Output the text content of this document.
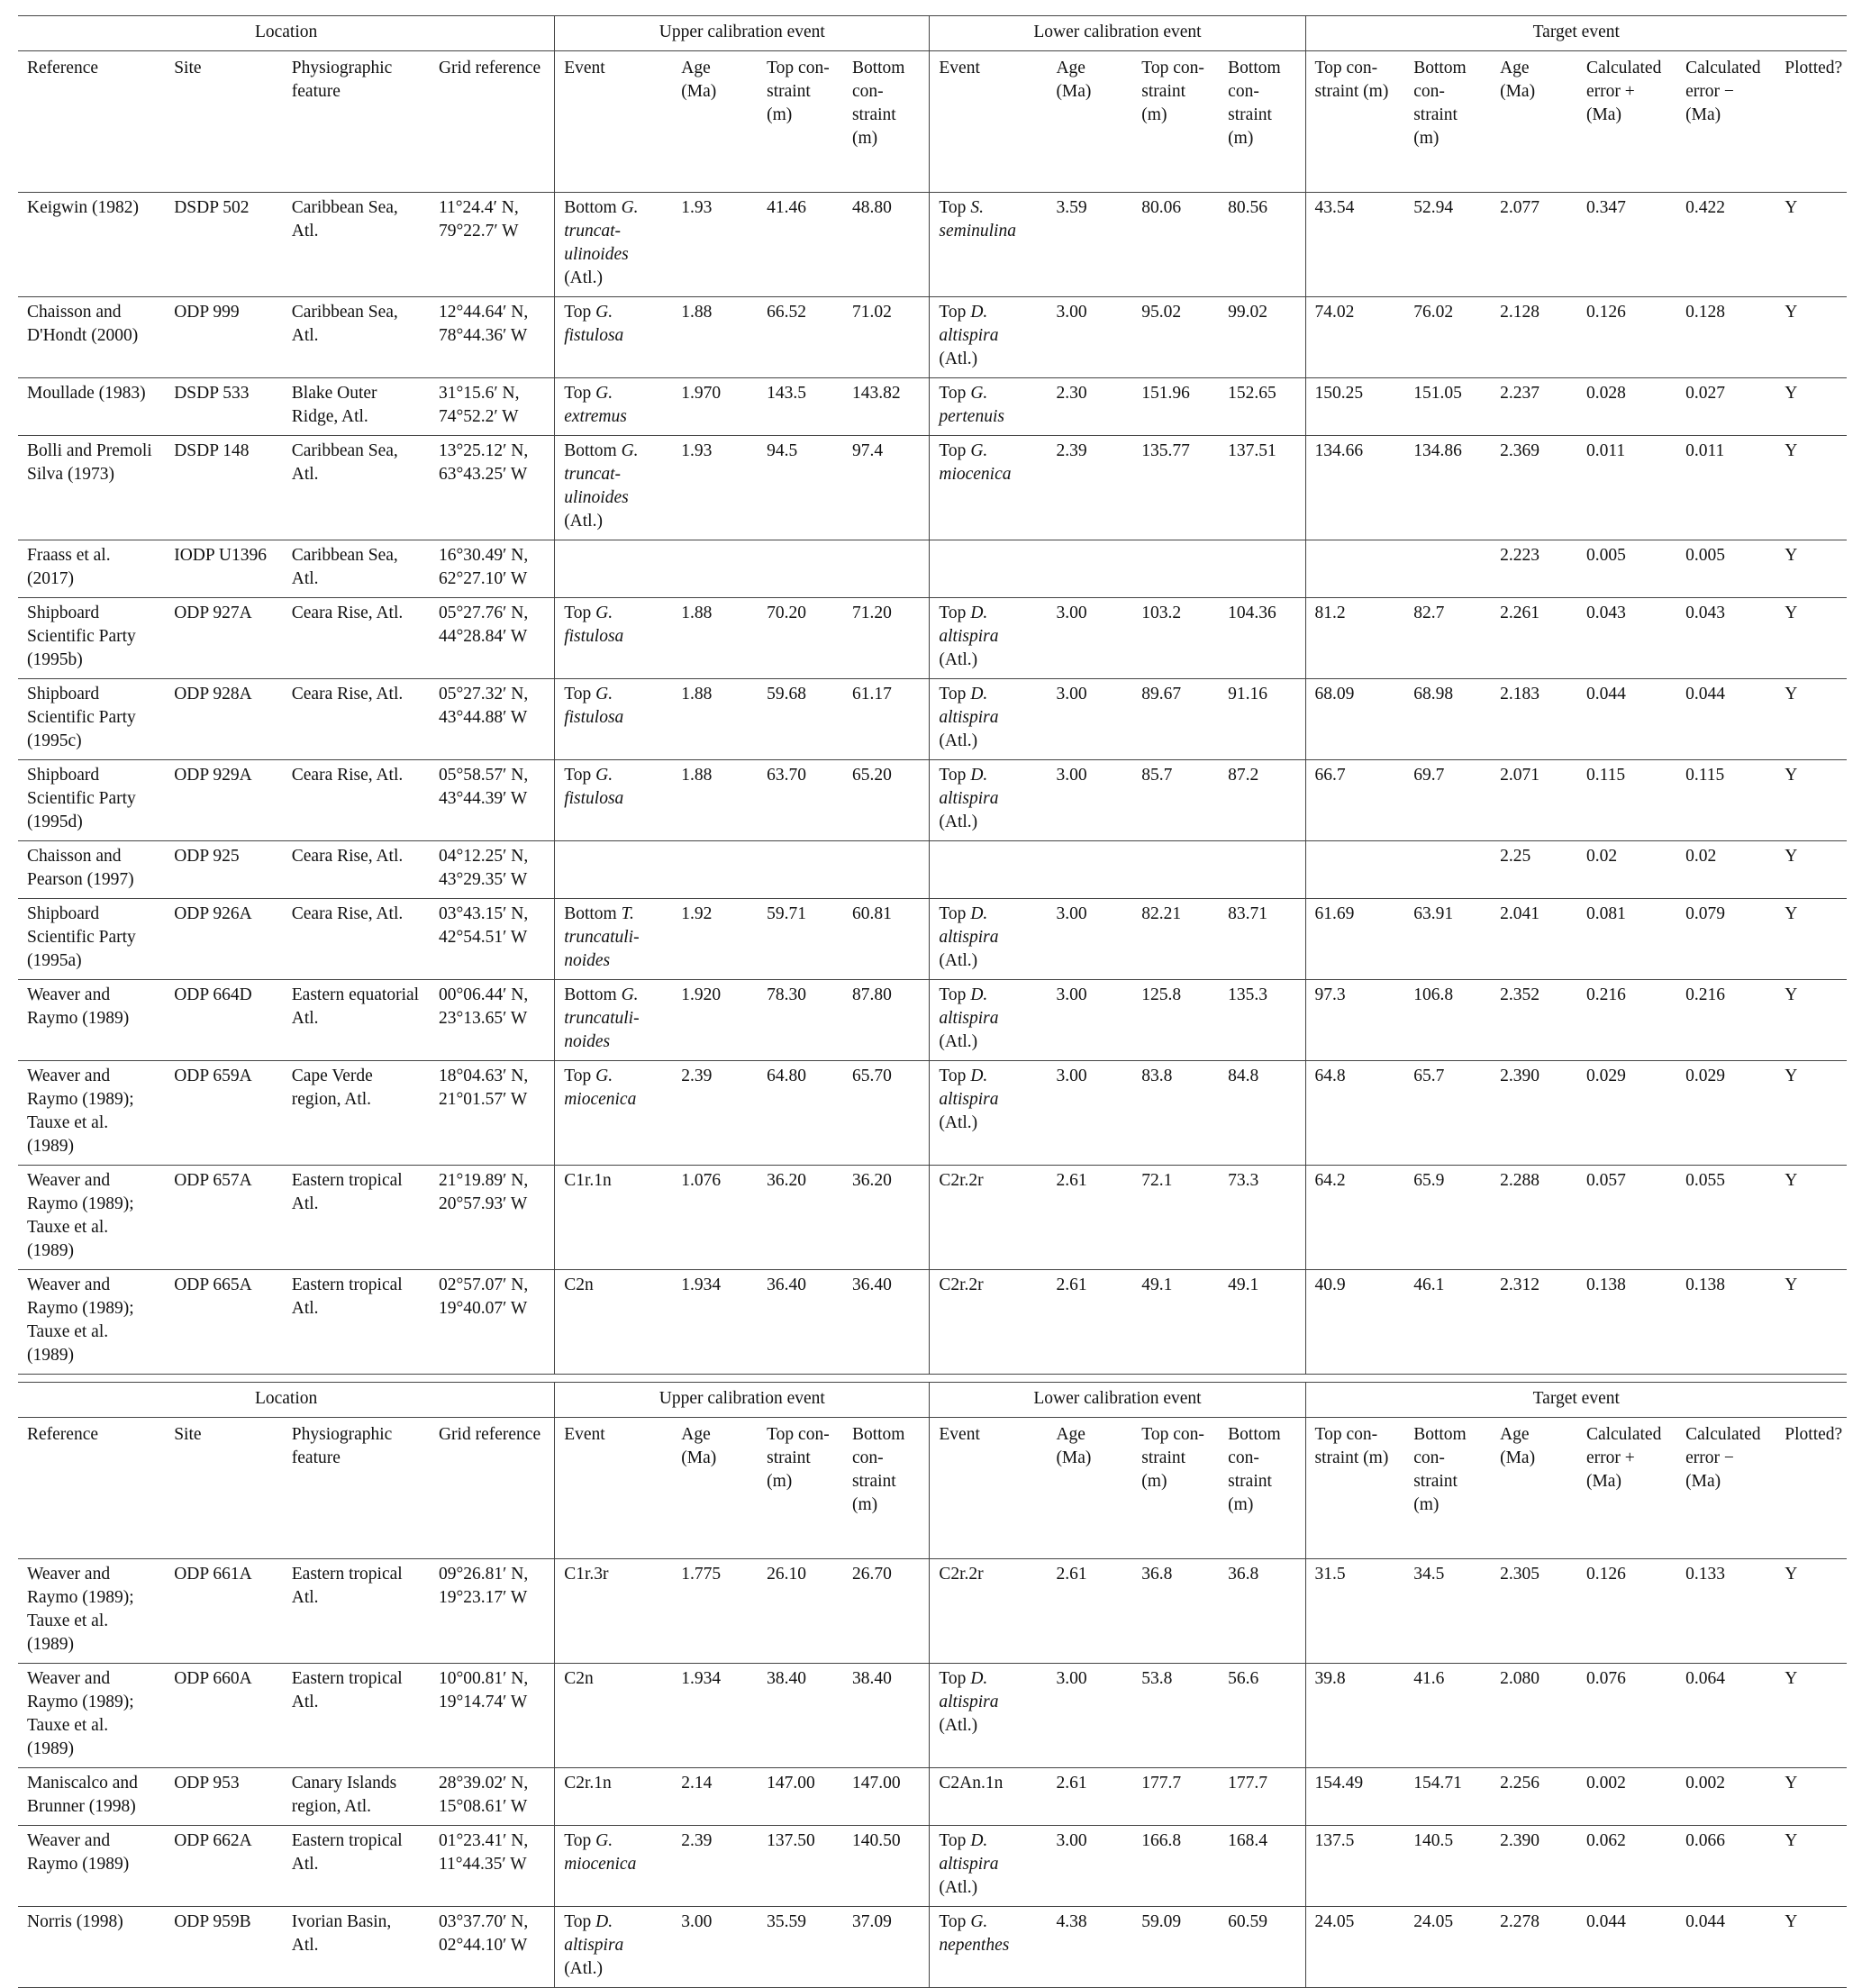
Location				Upper calibration event				Lower calibration event				Target event					
Reference	Site	Physiographic feature	Grid reference	Event	Age (Ma)	Top con-straint (m)	Bottom con-straint (m)	Event	Age (Ma)	Top con-straint (m)	Bottom con-straint (m)	Top con-straint (m)	Bottom con-straint (m)	Age (Ma)	Calculated error + (Ma)	Calculated error − (Ma)	Plotted?
Keigwin (1982)	DSDP 502	Caribbean Sea, Atl.	11°24.4′ N, 79°22.7′ W	Bottom G. truncat-ulinoides (Atl.)	1.93	41.46	48.80	Top S. seminulina	3.59	80.06	80.56	43.54	52.94	2.077	0.347	0.422	Y
Chaisson and D'Hondt (2000)	ODP 999	Caribbean Sea, Atl.	12°44.64′ N, 78°44.36′ W	Top G. fistulosa	1.88	66.52	71.02	Top D. altispira (Atl.)	3.00	95.02	99.02	74.02	76.02	2.128	0.126	0.128	Y
Moullade (1983)	DSDP 533	Blake Outer Ridge, Atl.	31°15.6′ N, 74°52.2′ W	Top G. extremus	1.970	143.5	143.82	Top G. pertenuis	2.30	151.96	152.65	150.25	151.05	2.237	0.028	0.027	Y
Bolli and Premoli Silva (1973)	DSDP 148	Caribbean Sea, Atl.	13°25.12′ N, 63°43.25′ W	Bottom G. truncat-ulinoides (Atl.)	1.93	94.5	97.4	Top G. miocenica	2.39	135.77	137.51	134.66	134.86	2.369	0.011	0.011	Y
Fraass et al. (2017)	IODP U1396	Caribbean Sea, Atl.	16°30.49′ N, 62°27.10′ W											2.223	0.005	0.005	Y
Shipboard Scientific Party (1995b)	ODP 927A	Ceara Rise, Atl.	05°27.76′ N, 44°28.84′ W	Top G. fistulosa	1.88	70.20	71.20	Top D. altispira (Atl.)	3.00	103.2	104.36	81.2	82.7	2.261	0.043	0.043	Y
Shipboard Scientific Party (1995c)	ODP 928A	Ceara Rise, Atl.	05°27.32′ N, 43°44.88′ W	Top G. fistulosa	1.88	59.68	61.17	Top D. altispira (Atl.)	3.00	89.67	91.16	68.09	68.98	2.183	0.044	0.044	Y
Shipboard Scientific Party (1995d)	ODP 929A	Ceara Rise, Atl.	05°58.57′ N, 43°44.39′ W	Top G. fistulosa	1.88	63.70	65.20	Top D. altispira (Atl.)	3.00	85.7	87.2	66.7	69.7	2.071	0.115	0.115	Y
Chaisson and Pearson (1997)	ODP 925	Ceara Rise, Atl.	04°12.25′ N, 43°29.35′ W											2.25	0.02	0.02	Y
Shipboard Scientific Party (1995a)	ODP 926A	Ceara Rise, Atl.	03°43.15′ N, 42°54.51′ W	Bottom T. truncatuli-noides	1.92	59.71	60.81	Top D. altispira (Atl.)	3.00	82.21	83.71	61.69	63.91	2.041	0.081	0.079	Y
Weaver and Raymo (1989)	ODP 664D	Eastern equatorial Atl.	00°06.44′ N, 23°13.65′ W	Bottom G. truncatuli-noides	1.920	78.30	87.80	Top D. altispira (Atl.)	3.00	125.8	135.3	97.3	106.8	2.352	0.216	0.216	Y
Weaver and Raymo (1989); Tauxe et al. (1989)	ODP 659A	Cape Verde region, Atl.	18°04.63′ N, 21°01.57′ W	Top G. miocenica	2.39	64.80	65.70	Top D. altispira (Atl.)	3.00	83.8	84.8	64.8	65.7	2.390	0.029	0.029	Y
Weaver and Raymo (1989); Tauxe et al. (1989)	ODP 657A	Eastern tropical Atl.	21°19.89′ N, 20°57.93′ W	C1r.1n	1.076	36.20	36.20	C2r.2r	2.61	72.1	73.3	64.2	65.9	2.288	0.057	0.055	Y
Weaver and Raymo (1989); Tauxe et al. (1989)	ODP 665A	Eastern tropical Atl.	02°57.07′ N, 19°40.07′ W	C2n	1.934	36.40	36.40	C2r.2r	2.61	49.1	49.1	40.9	46.1	2.312	0.138	0.138	Y
Location				Upper calibration event				Lower calibration event				Target event					
Reference	Site	Physiographic feature	Grid reference	Event	Age (Ma)	Top con-straint (m)	Bottom con-straint (m)	Event	Age (Ma)	Top con-straint (m)	Bottom con-straint (m)	Top con-straint (m)	Bottom con-straint (m)	Age (Ma)	Calculated error + (Ma)	Calculated error − (Ma)	Plotted?
Weaver and Raymo (1989); Tauxe et al. (1989)	ODP 661A	Eastern tropical Atl.	09°26.81′ N, 19°23.17′ W	C1r.3r	1.775	26.10	26.70	C2r.2r	2.61	36.8	36.8	31.5	34.5	2.305	0.126	0.133	Y
Weaver and Raymo (1989); Tauxe et al. (1989)	ODP 660A	Eastern tropical Atl.	10°00.81′ N, 19°14.74′ W	C2n	1.934	38.40	38.40	Top D. altispira (Atl.)	3.00	53.8	56.6	39.8	41.6	2.080	0.076	0.064	Y
Maniscalco and Brunner (1998)	ODP 953	Canary Islands region, Atl.	28°39.02′ N, 15°08.61′ W	C2r.1n	2.14	147.00	147.00	C2An.1n	2.61	177.7	177.7	154.49	154.71	2.256	0.002	0.002	Y
Weaver and Raymo (1989)	ODP 662A	Eastern tropical Atl.	01°23.41′ N, 11°44.35′ W	Top G. miocenica	2.39	137.50	140.50	Top D. altispira (Atl.)	3.00	166.8	168.4	137.5	140.5	2.390	0.062	0.066	Y
Norris (1998)	ODP 959B	Ivorian Basin, Atl.	03°37.70′ N, 02°44.10′ W	Top D. altispira (Atl.)	3.00	35.59	37.09	Top G. nepenthes	4.38	59.09	60.59	24.05	24.05	2.278	0.044	0.044	Y
